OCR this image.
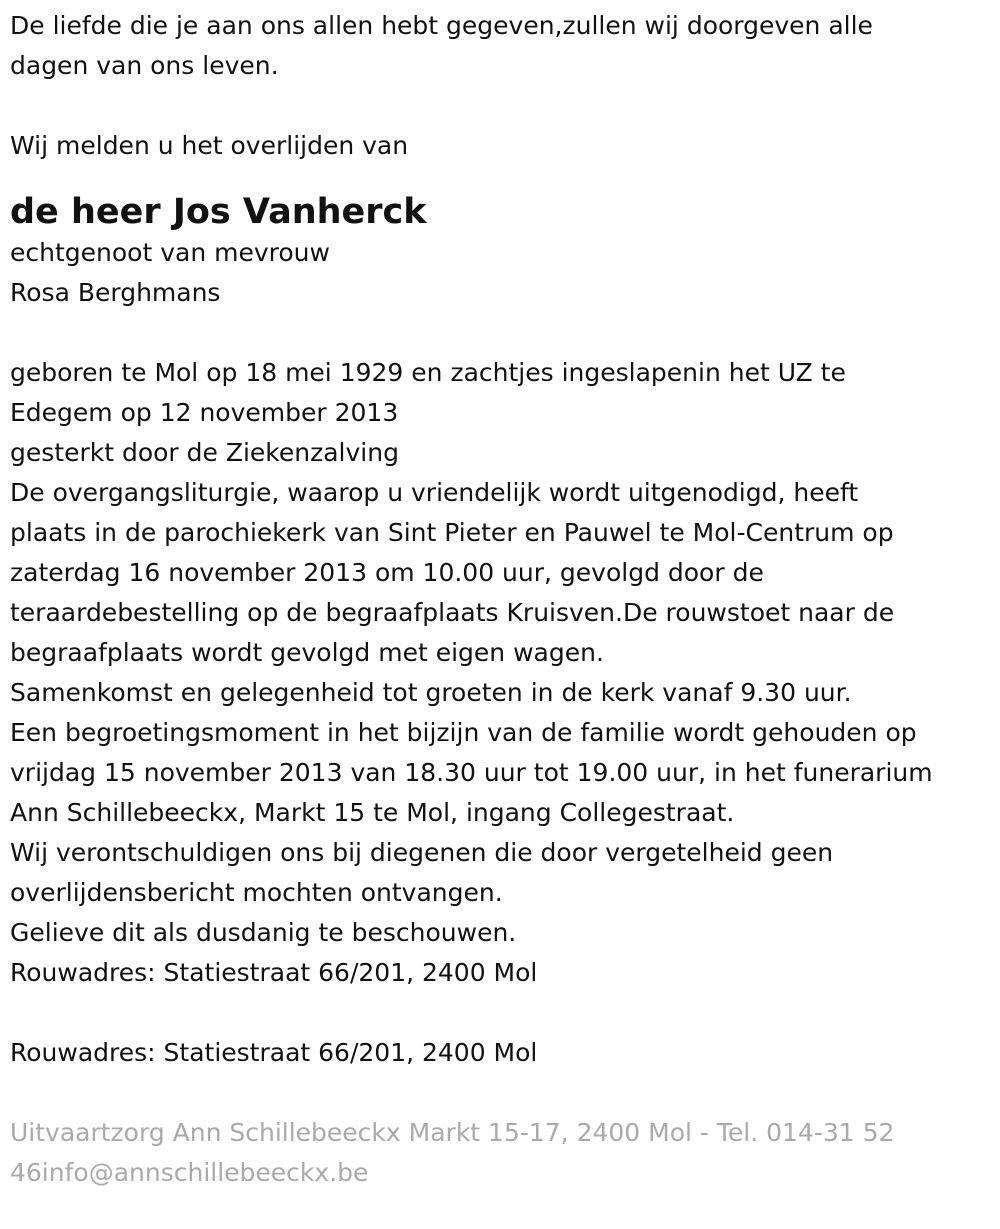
De liefde die je aan ons allen hebt gegeven,zullen wij doorgeven alle

dagen van ons leven.

Wij melden u het overlijden van

de heer Jos Vanherck

echtgenoot van mevrouw

Rosa Berghmans

geboren te Mol op 18 mei 1929 en zachtjes ingeslapenin het UZ te

Edegem op 12 november 2013

gesterkt door de Ziekenzalving

De overgangsliturgie, waarop u vriendelijk wordt uitgenodigd, heeft

plaats in de parochiekerk van Sint Pieter en Pauwel te Mol-Centrum op

zaterdag 16 november 2013 om 10.00 uur, gevolgd door de

teraardebestelling op de begraafplaats Kruisven.De rouwstoet naar de

begraafplaats wordt gevolgd met eigen wagen.

Samenkomst en gelegenheid tot groeten in de kerk vanaf 9.30 uur.

Een begroetingsmoment in het bijzijn van de familie wordt gehouden op

vrijdag 15 november 2013 van 18.30 uur tot 19.00 uur, in het funerarium

Ann Schillebeeckx, Markt 15 te Mol, ingang Collegestraat.

Wij verontschuldigen ons bij diegenen die door vergetelheid geen

overlijdensbericht mochten ontvangen.

Gelieve dit als dusdanig te beschouwen.

Rouwadres: Statiestraat 66/201, 2400 Mol

Rouwadres: Statiestraat 66/201, 2400 Mol

Uitvaartzorg Ann Schillebeeckx Markt 15-17, 2400 Mol - Tel. 014-31 52

46info@annschillebeeckx.be
